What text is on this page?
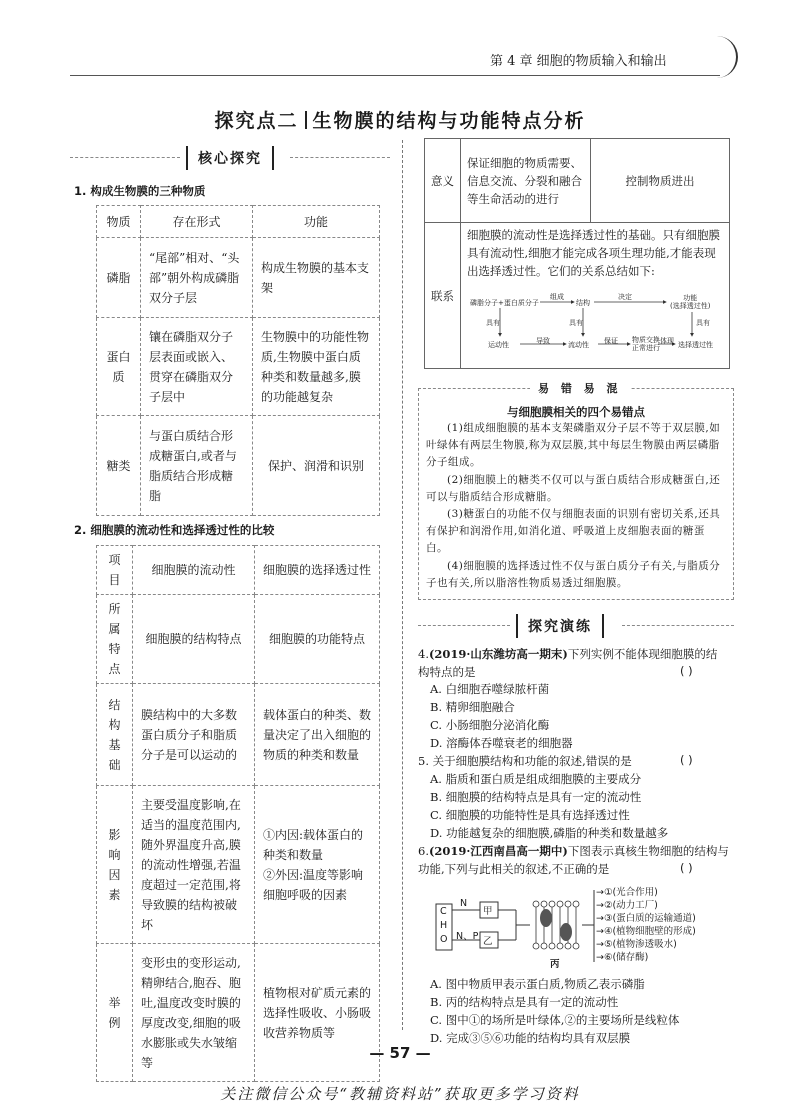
第 4 章 细胞的物质输入和输出
探究点二 生物膜的结构与功能特点分析
核心探究
1. 构成生物膜的三种物质
物质	存在形式	功能
磷脂	“尾部”相对、“头部”朝外构成磷脂双分子层	构成生物膜的基本支架
蛋白质	镶在磷脂双分子层表面或嵌入、贯穿在磷脂双分子层中	生物膜中的功能性物质,生物膜中蛋白质种类和数量越多,膜的功能越复杂
糖类	与蛋白质结合形成糖蛋白,或者与脂质结合形成糖脂	保护、润滑和识别
2. 细胞膜的流动性和选择透过性的比较
项目	细胞膜的流动性	细胞膜的选择透过性
所属特点	细胞膜的结构特点	细胞膜的功能特点
结构基础	膜结构中的大多数蛋白质分子和脂质分子是可以运动的	载体蛋白的种类、数量决定了出入细胞的物质的种类和数量
影响因素	主要受温度影响,在适当的温度范围内,随外界温度升高,膜的流动性增强,若温度超过一定范围,将导致膜的结构被破坏	①内因:载体蛋白的种类和数量
②外因:温度等影响细胞呼吸的因素
举例	变形虫的变形运动,精卵结合,胞吞、胞吐,温度改变时膜的厚度改变,细胞的吸水膨胀或失水皱缩等	植物根对矿质元素的选择性吸收、小肠吸收营养物质等
意义	保证细胞的物质需要、信息交流、分裂和融合等生命活动的进行	控制物质进出
联系	细胞膜的流动性是选择透过性的基础。只有细胞膜具有流动性,细胞才能完成各项生理功能,才能表现出选择透过性。它们的关系总结如下:	
磷脂分子+蛋白质分子
组成
结构
决定	功能
(选择透过性)
具有	具有	具有
运动性	导致	流动性 保证 物质交换
正常进行
体现 选择透过性
易 错 易 混
与细胞膜相关的四个易错点
(1)组成细胞膜的基本支架磷脂双分子层不等于双层膜,如叶绿体有两层生物膜,称为双层膜,其中每层生物膜由两层磷脂分子组成。
(2)细胞膜上的糖类不仅可以与蛋白质结合形成糖蛋白,还可以与脂质结合形成糖脂。
(3)糖蛋白的功能不仅与细胞表面的识别有密切关系,还具有保护和润滑作用,如消化道、呼吸道上皮细胞表面的糖蛋白。
(4)细胞膜的选择透过性不仅与蛋白质分子有关,与脂质分子也有关,所以脂溶性物质易透过细胞膜。
探究演练
4.(2019·山东潍坊高一期末)下列实例不能体现细胞膜的结构特点的是	( )
A. 白细胞吞噬绿脓杆菌
B. 精卵细胞融合
C. 小肠细胞分泌消化酶
D. 溶酶体吞噬衰老的细胞器
5. 关于细胞膜结构和功能的叙述,错误的是	( )
A. 脂质和蛋白质是组成细胞膜的主要成分
B. 细胞膜的结构特点是具有一定的流动性
C. 细胞膜的功能特性是具有选择透过性
D. 功能越复杂的细胞膜,磷脂的种类和数量越多
6.(2019·江西南昌高一期中)下图表示真核生物细胞的结构与功能,下列与此相关的叙述,不正确的是	( )
C
H
O
N
N、P
甲
乙
丙
→①(光合作用)
→②(动力工厂)
→③(蛋白质的运输通道)
→④(植物细胞壁的形成)
→⑤(植物渗透吸水)
→⑥(储存酶)
A. 图中物质甲表示蛋白质,物质乙表示磷脂
B. 丙的结构特点是具有一定的流动性
C. 图中①的场所是叶绿体,②的主要场所是线粒体
D. 完成③⑤⑥功能的结构均具有双层膜
— 57 —
关注微信公众号“教辅资料站”获取更多学习资料
